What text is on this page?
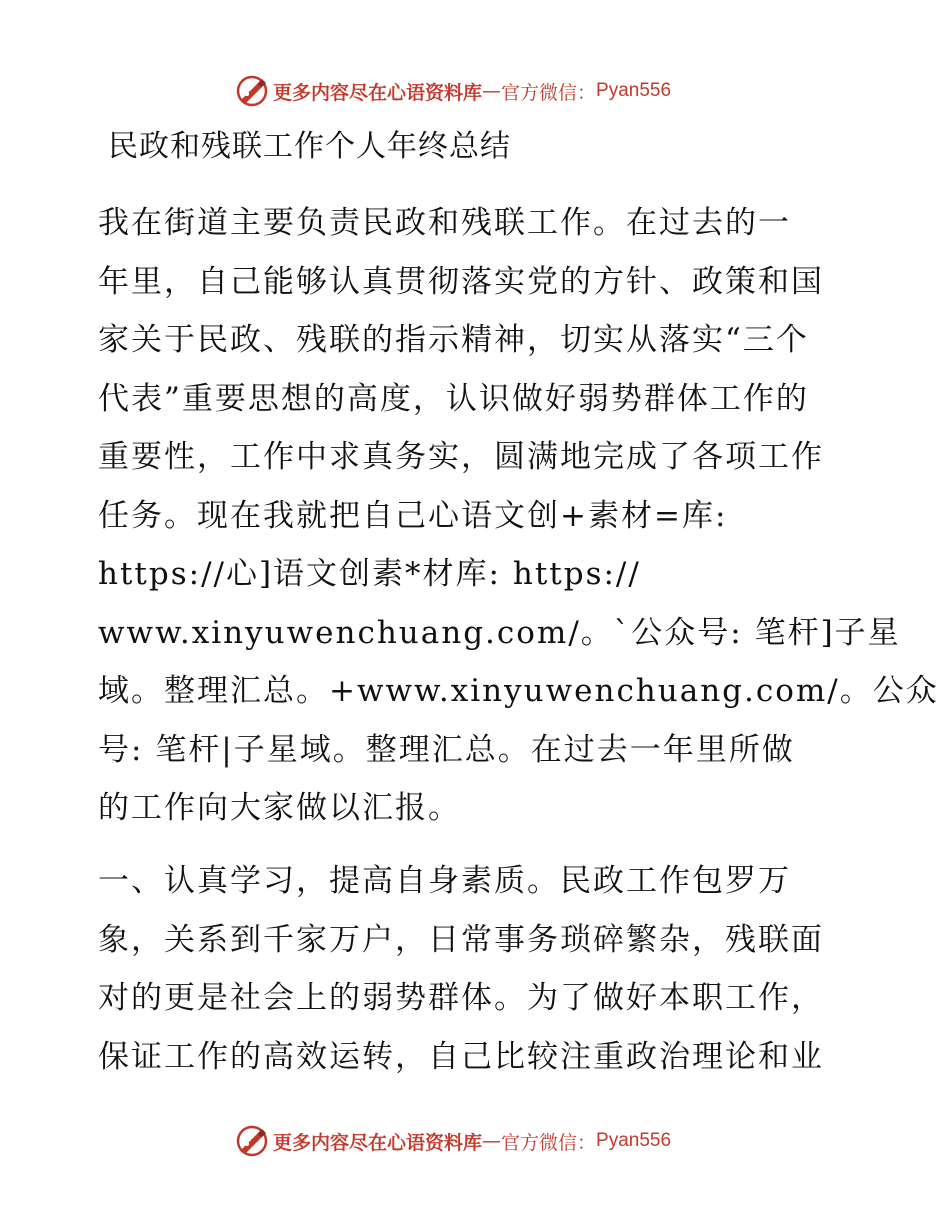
更多内容尽在心语资料库 — 官方微信： Pyan556
民政和残联工作个人年终总结
我在街道主要负责民政和残联工作。在过去的一
年里，自己能够认真贯彻落实党的方针、政策和国
家关于民政、残联的指示精神，切实从落实“三个
代表”重要思想的高度，认识做好弱势群体工作的
重要性，工作中求真务实，圆满地完成了各项工作
任务。现在我就把自己心语文创+素材=库:
https://心]语文创素*材库: https://
www.xinyuwenchuang.com/。`公众号: 笔杆]子星
域。整理汇总。+www.xinyuwenchuang.com/。公众
号: 笔杆|子星域。整理汇总。在过去一年里所做
的工作向大家做以汇报。
一、认真学习，提高自身素质。民政工作包罗万
象，关系到千家万户，日常事务琐碎繁杂，残联面
对的更是社会上的弱势群体。为了做好本职工作，
保证工作的高效运转，自己比较注重政治理论和业
更多内容尽在心语资料库 — 官方微信： Pyan556
